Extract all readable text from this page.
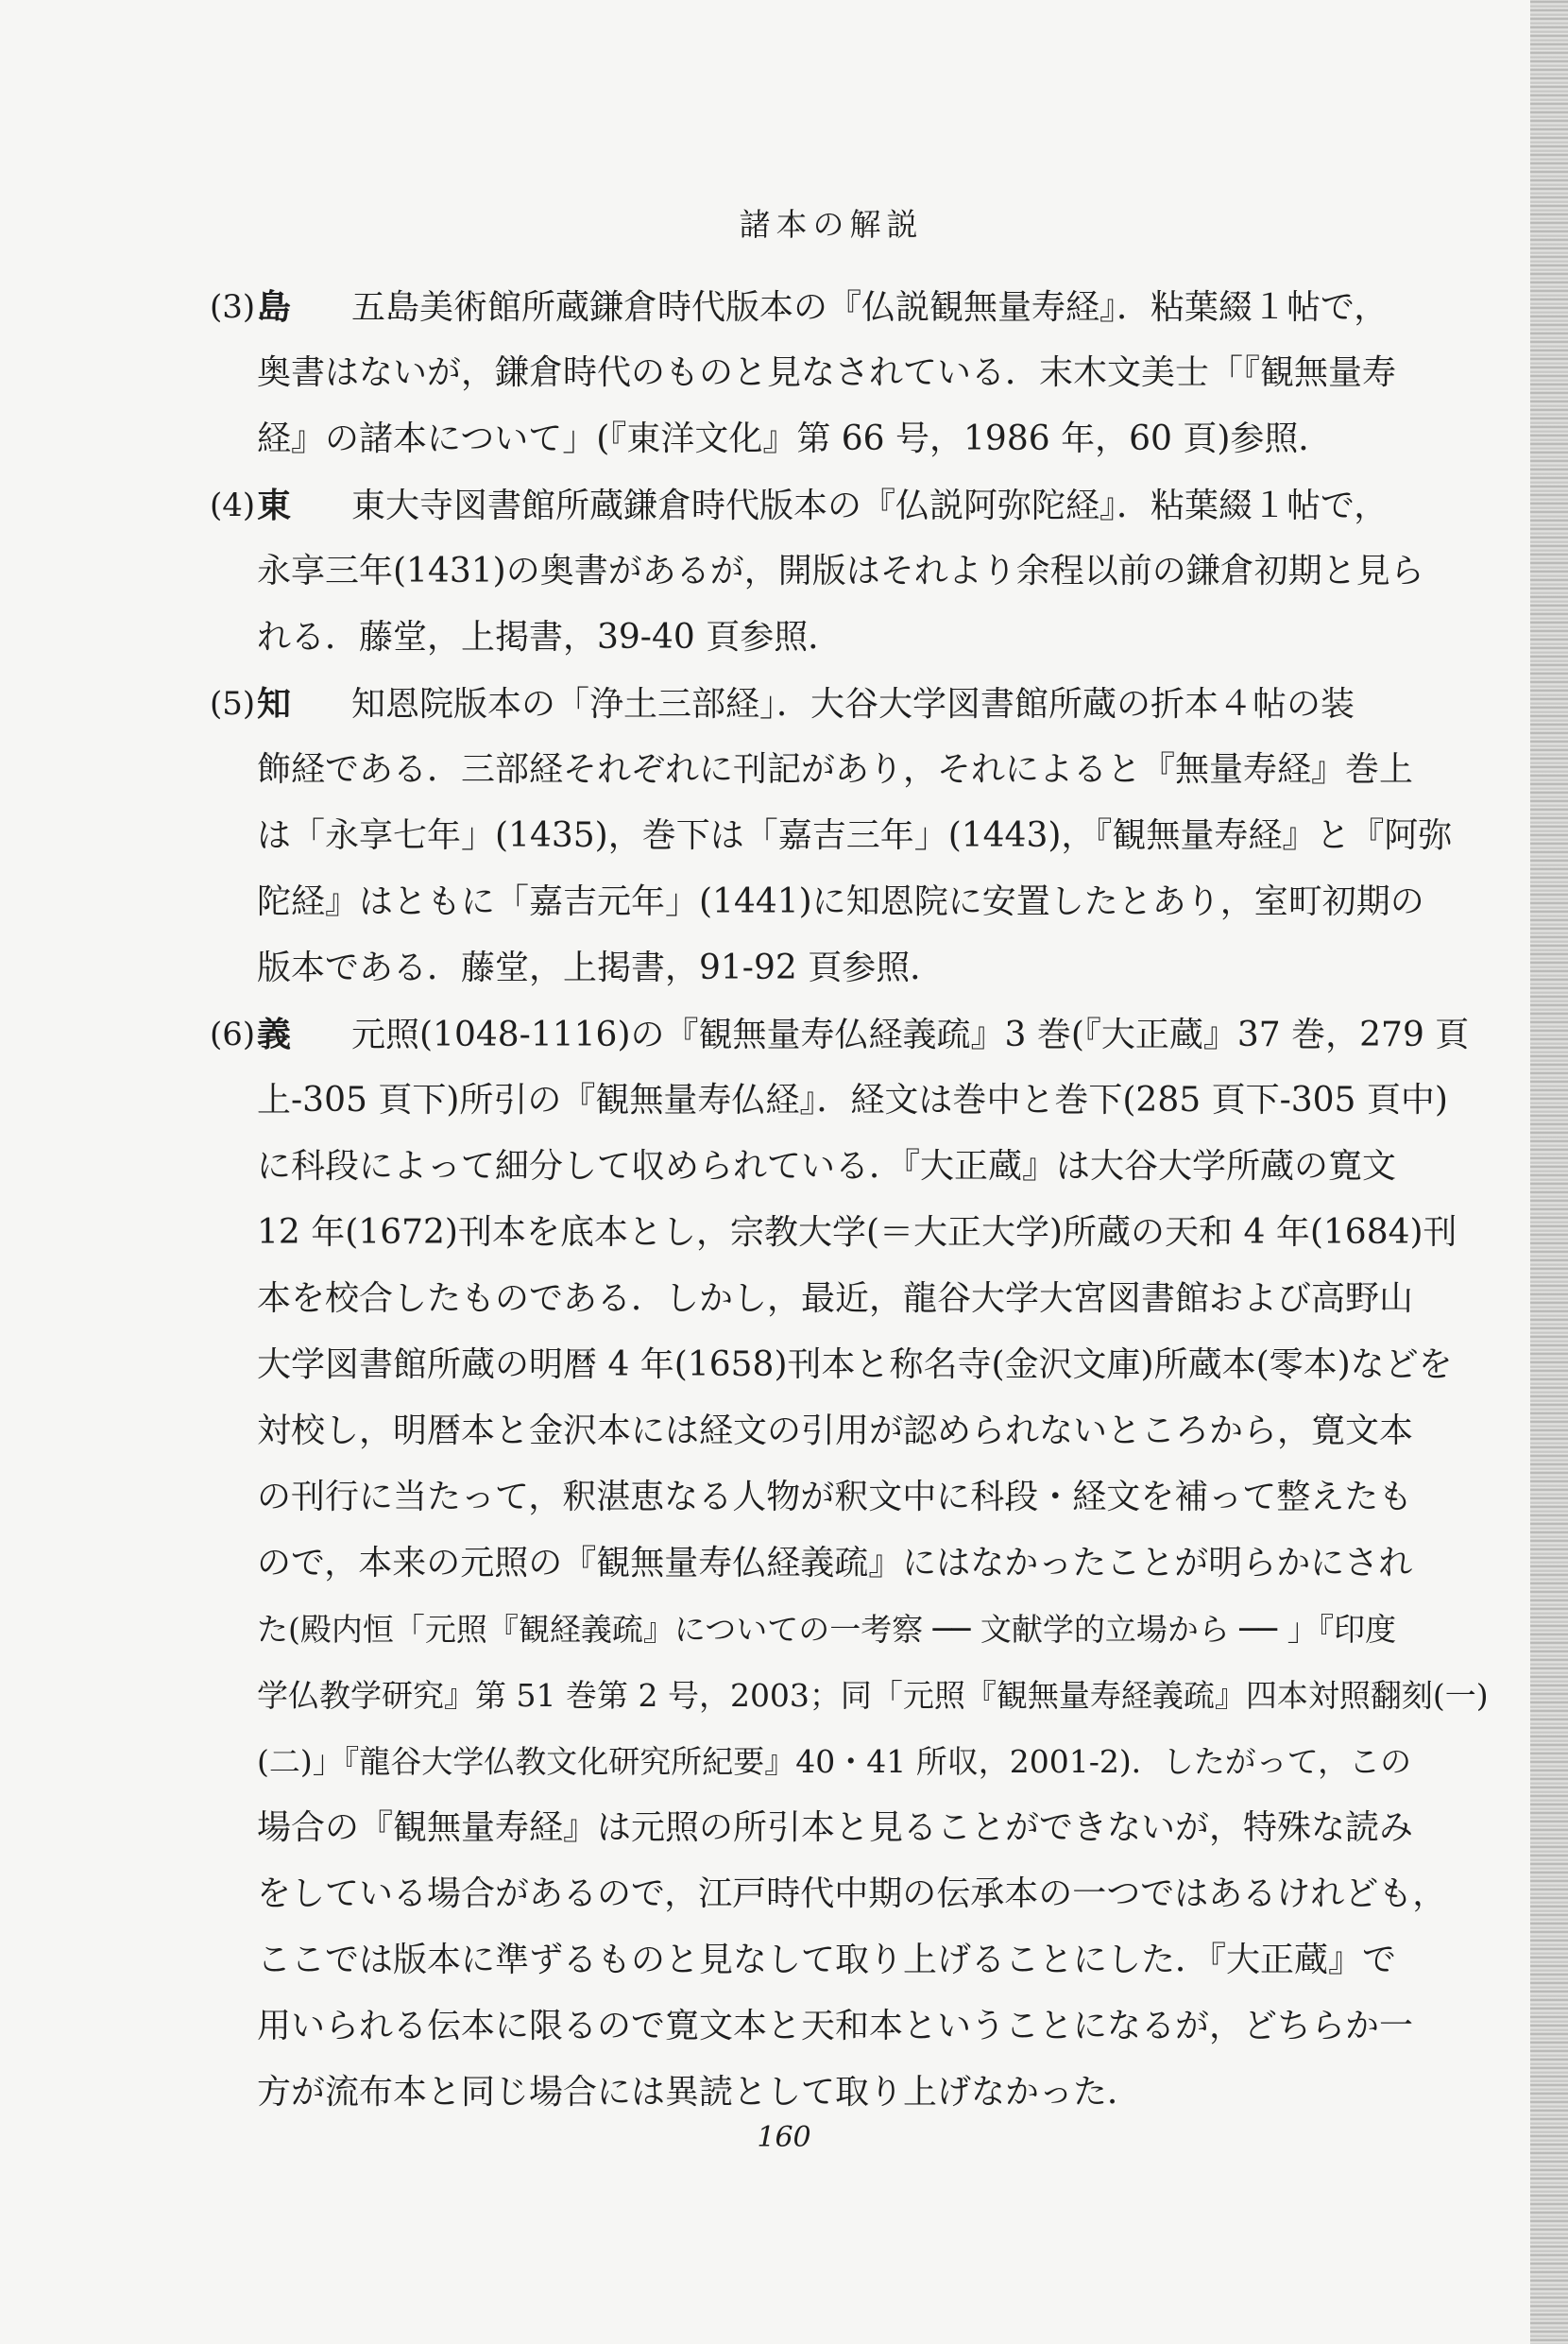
諸本の解説
(3) 島 五島美術館所蔵鎌倉時代版本の『仏説観無量寿経』．粘葉綴１帖で，
奥書はないが，鎌倉時代のものと見なされている．末木文美士「『観無量寿
経』の諸本について」(『東洋文化』第 66 号，1986 年，60 頁)参照．
(4) 東 東大寺図書館所蔵鎌倉時代版本の『仏説阿弥陀経』．粘葉綴１帖で，
永享三年(1431)の奥書があるが，開版はそれより余程以前の鎌倉初期と見ら
れる．藤堂，上掲書，39-40 頁参照．
(5) 知 知恩院版本の「浄土三部経」．大谷大学図書館所蔵の折本４帖の装
飾経である．三部経それぞれに刊記があり，それによると『無量寿経』巻上
は「永享七年」(1435)，巻下は「嘉吉三年」(1443)，『観無量寿経』と『阿弥
陀経』はともに「嘉吉元年」(1441)に知恩院に安置したとあり，室町初期の
版本である．藤堂，上掲書，91-92 頁参照．
(6) 義 元照(1048-1116)の『観無量寿仏経義疏』3 巻(『大正蔵』37 巻，279 頁
上-305 頁下)所引の『観無量寿仏経』．経文は巻中と巻下(285 頁下-305 頁中)
に科段によって細分して収められている．『大正蔵』は大谷大学所蔵の寛文
12 年(1672)刊本を底本とし，宗教大学(＝大正大学)所蔵の天和 4 年(1684)刊
本を校合したものである．しかし，最近，龍谷大学大宮図書館および高野山
大学図書館所蔵の明暦 4 年(1658)刊本と称名寺(金沢文庫)所蔵本(零本)などを
対校し，明暦本と金沢本には経文の引用が認められないところから，寛文本
の刊行に当たって，釈湛恵なる人物が釈文中に科段・経文を補って整えたも
ので，本来の元照の『観無量寿仏経義疏』にはなかったことが明らかにされ
た(殿内恒「元照『観経義疏』についての一考察 ── 文献学的立場から ── 」『印度
学仏教学研究』第 51 巻第 2 号，2003；同「元照『観無量寿経義疏』四本対照翻刻(一)
(二)」『龍谷大学仏教文化研究所紀要』40・41 所収，2001-2)．したがって，この
場合の『観無量寿経』は元照の所引本と見ることができないが，特殊な読み
をしている場合があるので，江戸時代中期の伝承本の一つではあるけれども，
ここでは版本に準ずるものと見なして取り上げることにした．『大正蔵』で
用いられる伝本に限るので寛文本と天和本ということになるが，どちらか一
方が流布本と同じ場合には異読として取り上げなかった．
160
